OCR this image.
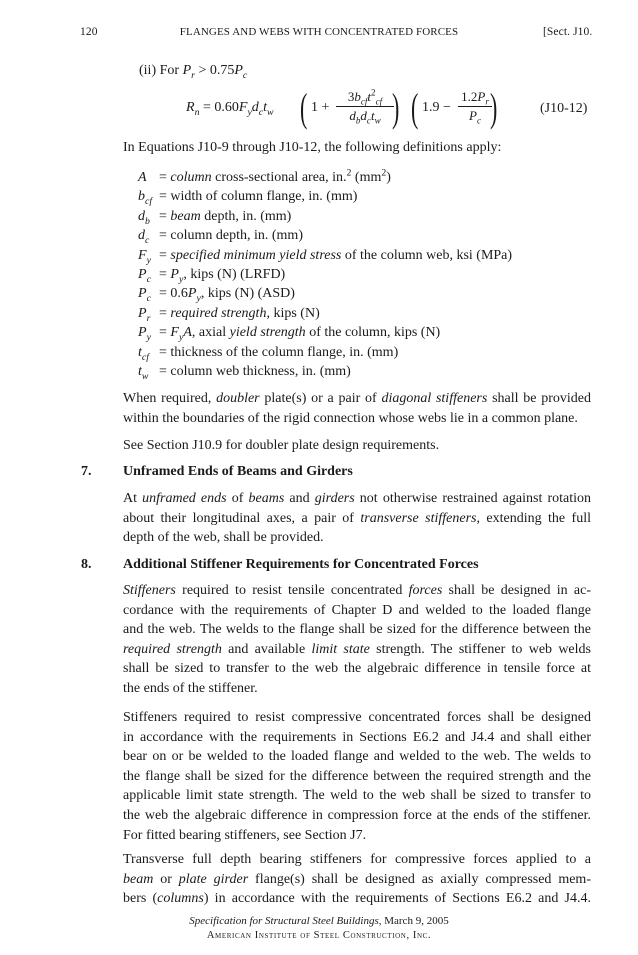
120	FLANGES AND WEBS WITH CONCENTRATED FORCES	[Sect. J10.
(ii) For $P_r > 0.75P_c$
$R_n = 0.60F_yd_ct_w$ ( 1 +
$3b_{cf}t^2_{cf}$
$d_bd_ct_w$ ) ( $1.9 - \frac{1.2P_r}{P_c}$
)	(J10-12)
In Equations J10-9 through J10-12, the following definitions apply:
A = column cross-sectional area, in.$^2$ $(mm^2)$
$b_{cf}$ = width of column flange, in. (mm)
$d_b$ = beam depth, in. (mm)
$d_c$ = column depth, in. (mm)
$F_y$ = specified minimum yield stress of the column web, ksi (MPa)
$P_c = P_y$, kips (N) (LRFD)
$P_c = 0.6P_y$, kips (N) (ASD)
$P_r$ = required strength, kips (N)
$P_y = F_yA$, axial yield strength of the column, kips (N)
$t_{cf}$ = thickness of the column flange, in. (mm)
$t_w$ = column web thickness, in. (mm)
When required, doubler plate(s) or a pair of diagonal stiffeners shall be provided
within the boundaries of the rigid connection whose webs lie in a common plane.
See Section J10.9 for doubler plate design requirements.
7. Unframed Ends of Beams and Girders
At unframed ends of beams and girders not otherwise restrained against rotation
about their longitudinal axes, a pair of transverse stiffeners, extending the full
depth of the web, shall be provided.
8. Additional Stiffener Requirements for Concentrated Forces
Stiffeners required to resist tensile concentrated forces shall be designed in ac-
cordance with the requirements of Chapter D and welded to the loaded flange
and the web. The welds to the flange shall be sized for the difference between the
required strength and available limit state strength. The stiffener to web welds
shall be sized to transfer to the web the algebraic difference in tensile force at
the ends of the stiffener.
Stiffeners required to resist compressive concentrated forces shall be designed
in accordance with the requirements in Sections E6.2 and J4.4 and shall either
bear on or be welded to the loaded flange and welded to the web. The welds to
the flange shall be sized for the difference between the required strength and the
applicable limit state strength. The weld to the web shall be sized to transfer to
the web the algebraic difference in compression force at the ends of the stiffener.
For fitted bearing stiffeners, see Section J7.
Transverse full depth bearing stiffeners for compressive forces applied to a
beam or plate girder flange(s) shall be designed as axially compressed mem-
bers (columns) in accordance with the requirements of Sections E6.2 and J4.4.
Specification for Structural Steel Buildings, March 9, 2005
American Institute of Steel Construction, Inc.
